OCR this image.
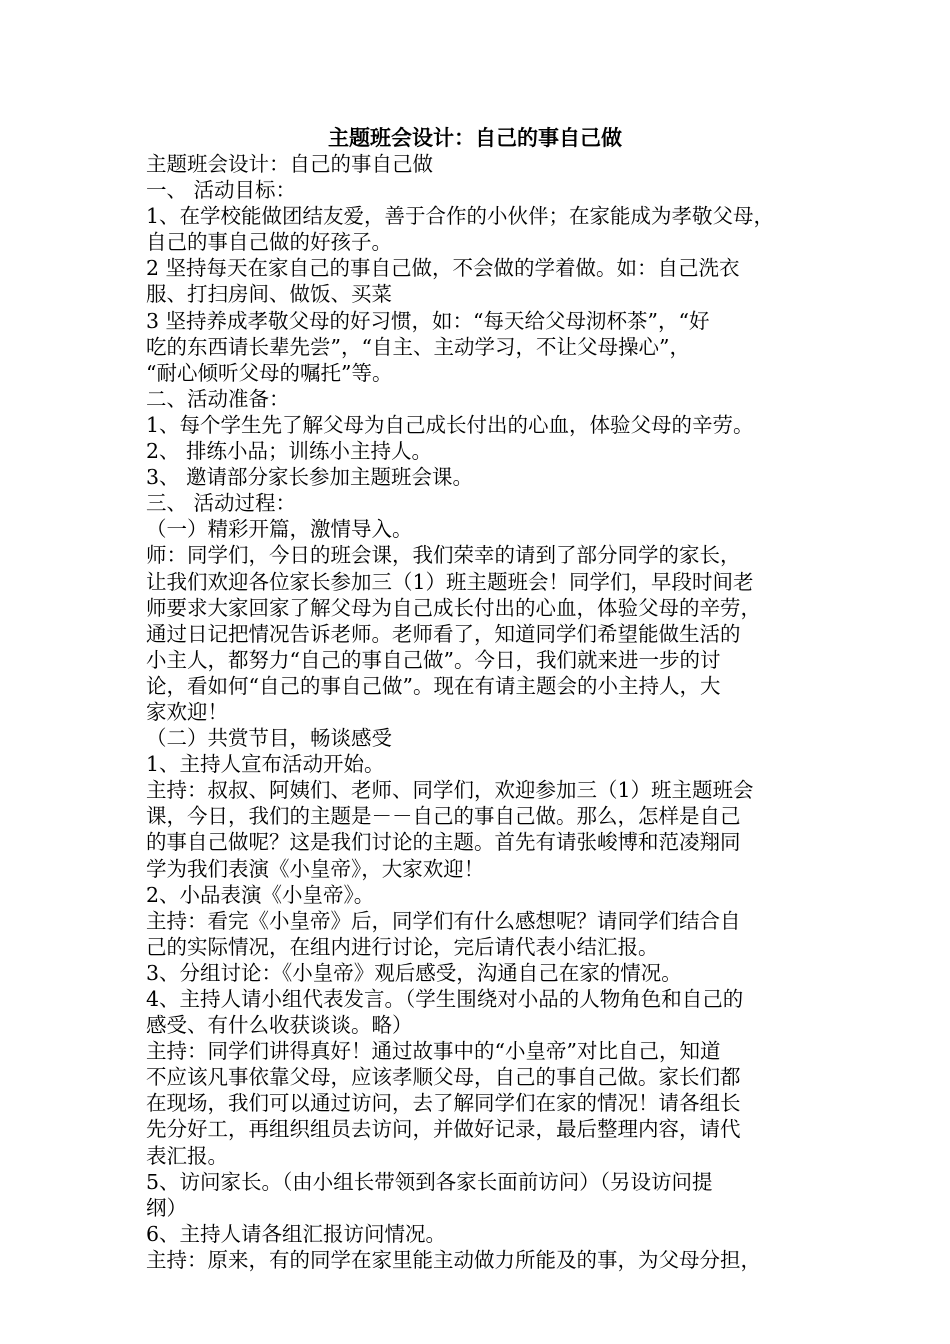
主题班会设计：自己的事自己做
主题班会设计：自己的事自己做
一、 活动目标：
1、在学校能做团结友爱，善于合作的小伙伴；在家能成为孝敬父母，
自己的事自己做的好孩子。
2 坚持每天在家自己的事自己做，不会做的学着做。如：自己洗衣
服、打扫房间、做饭、买菜
3 坚持养成孝敬父母的好习惯，如：“每天给父母沏杯茶”，“好
吃的东西请长辈先尝”，“自主、主动学习，不让父母操心”，
“耐心倾听父母的嘱托”等。
二、活动准备：
1、每个学生先了解父母为自己成长付出的心血，体验父母的辛劳。
2、 排练小品；训练小主持人。
3、 邀请部分家长参加主题班会课。
三、 活动过程：
（一）精彩开篇，激情导入。
师：同学们，今日的班会课，我们荣幸的请到了部分同学的家长，
让我们欢迎各位家长参加三（1）班主题班会！同学们，早段时间老
师要求大家回家了解父母为自己成长付出的心血，体验父母的辛劳，
通过日记把情况告诉老师。老师看了，知道同学们希望能做生活的
小主人，都努力“自己的事自己做”。今日，我们就来进一步的讨
论，看如何“自己的事自己做”。现在有请主题会的小主持人，大
家欢迎！
（二）共赏节目，畅谈感受
1、主持人宣布活动开始。
主持：叔叔、阿姨们、老师、同学们，欢迎参加三（1）班主题班会
课，今日，我们的主题是－－自己的事自己做。那么，怎样是自己
的事自己做呢？这是我们讨论的主题。首先有请张峻博和范凌翔同
学为我们表演《小皇帝》，大家欢迎！
2、小品表演《小皇帝》。
主持：看完《小皇帝》后，同学们有什么感想呢？请同学们结合自
己的实际情况，在组内进行讨论，完后请代表小结汇报。
3、分组讨论：《小皇帝》观后感受，沟通自己在家的情况。
4、主持人请小组代表发言。（学生围绕对小品的人物角色和自己的
感受、有什么收获谈谈。略）
主持：同学们讲得真好！通过故事中的“小皇帝”对比自己，知道
不应该凡事依靠父母，应该孝顺父母，自己的事自己做。家长们都
在现场，我们可以通过访问，去了解同学们在家的情况！请各组长
先分好工，再组织组员去访问，并做好记录，最后整理内容，请代
表汇报。
5、访问家长。（由小组长带领到各家长面前访问）（另设访问提
纲）
6、主持人请各组汇报访问情况。
主持：原来，有的同学在家里能主动做力所能及的事，为父母分担，
